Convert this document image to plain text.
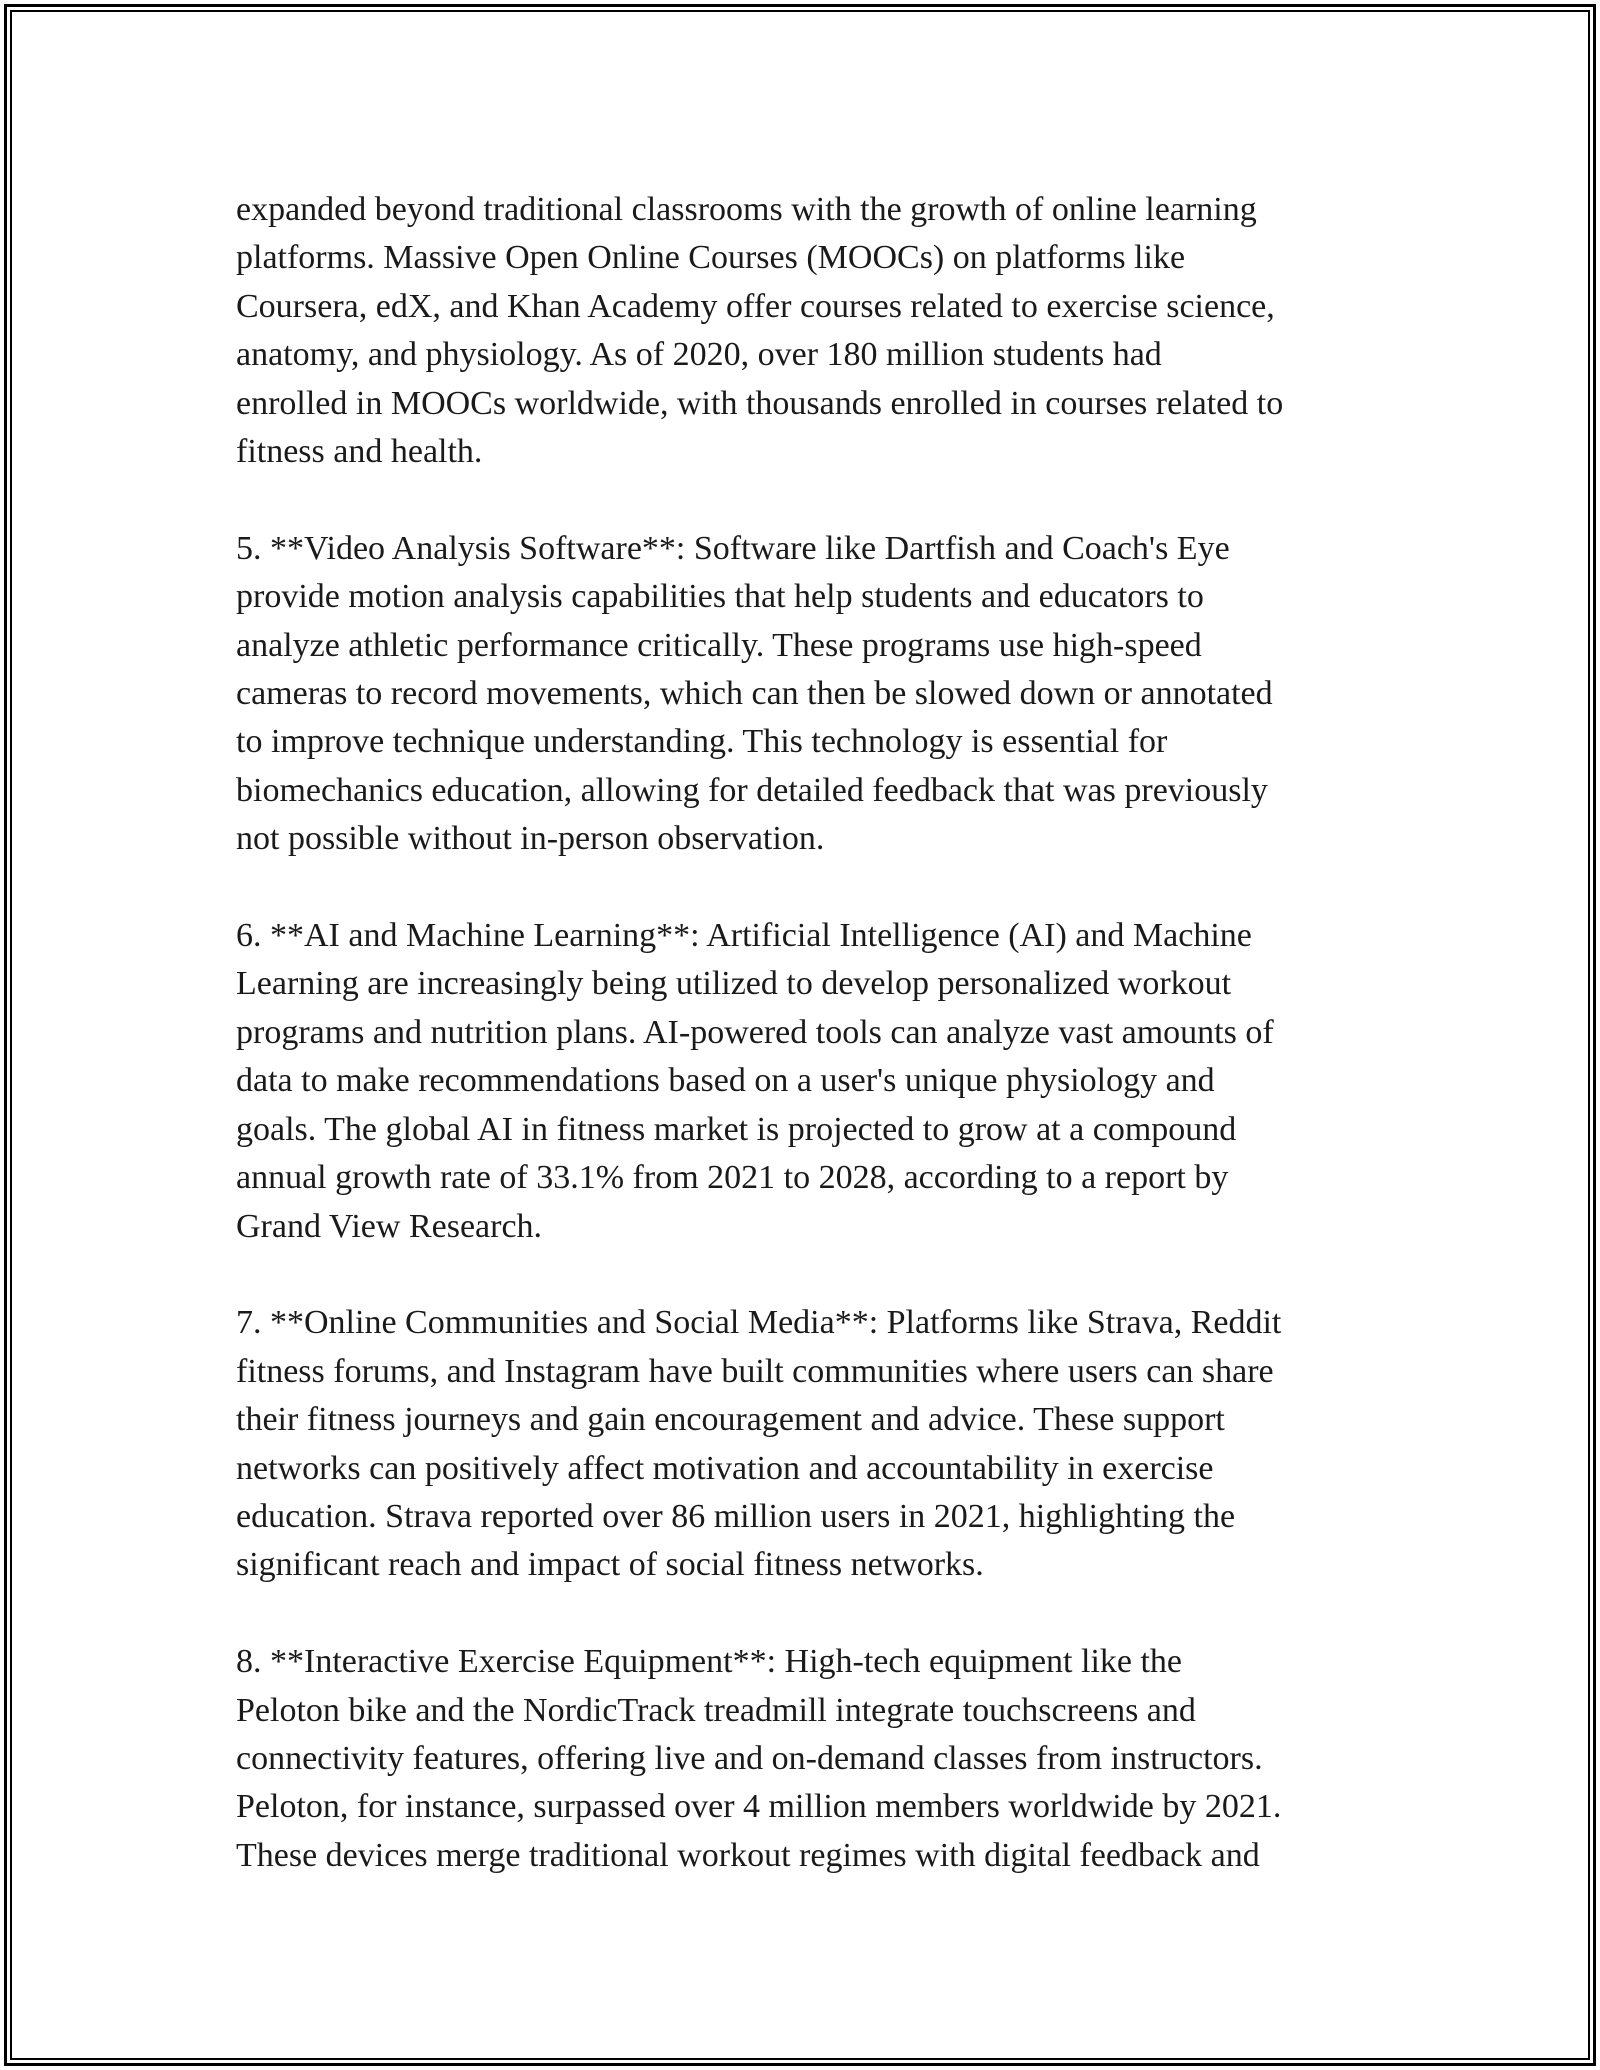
expanded beyond traditional classrooms with the growth of online learning
platforms. Massive Open Online Courses (MOOCs) on platforms like
Coursera, edX, and Khan Academy offer courses related to exercise science,
anatomy, and physiology. As of 2020, over 180 million students had
enrolled in MOOCs worldwide, with thousands enrolled in courses related to
fitness and health.

5. **Video Analysis Software**: Software like Dartfish and Coach's Eye
provide motion analysis capabilities that help students and educators to
analyze athletic performance critically. These programs use high-speed
cameras to record movements, which can then be slowed down or annotated
to improve technique understanding. This technology is essential for
biomechanics education, allowing for detailed feedback that was previously
not possible without in-person observation.

6. **AI and Machine Learning**: Artificial Intelligence (AI) and Machine
Learning are increasingly being utilized to develop personalized workout
programs and nutrition plans. AI-powered tools can analyze vast amounts of
data to make recommendations based on a user's unique physiology and
goals. The global AI in fitness market is projected to grow at a compound
annual growth rate of 33.1% from 2021 to 2028, according to a report by
Grand View Research.

7. **Online Communities and Social Media**: Platforms like Strava, Reddit
fitness forums, and Instagram have built communities where users can share
their fitness journeys and gain encouragement and advice. These support
networks can positively affect motivation and accountability in exercise
education. Strava reported over 86 million users in 2021, highlighting the
significant reach and impact of social fitness networks.

8. **Interactive Exercise Equipment**: High-tech equipment like the
Peloton bike and the NordicTrack treadmill integrate touchscreens and
connectivity features, offering live and on-demand classes from instructors.
Peloton, for instance, surpassed over 4 million members worldwide by 2021.
These devices merge traditional workout regimes with digital feedback and
